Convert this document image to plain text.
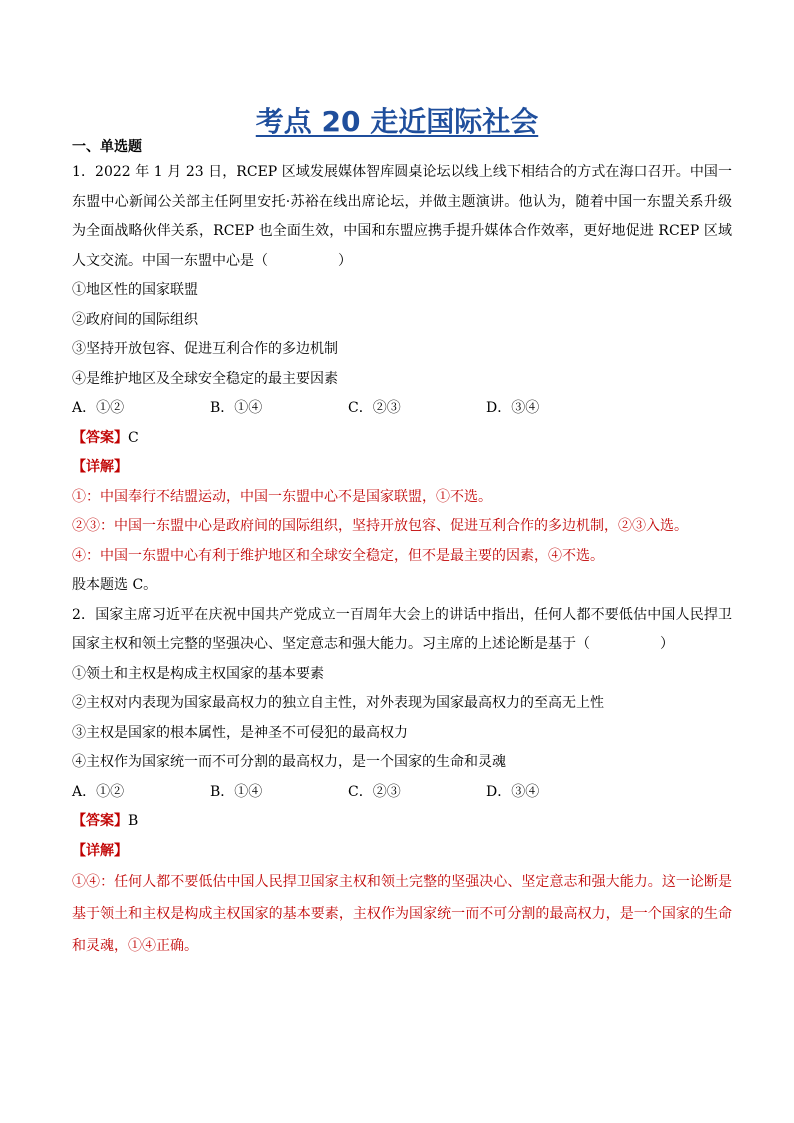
考点 20 走近国际社会
一、单选题

1．2022 年 1 月 23 日，RCEP 区域发展媒体智库圆桌论坛以线上线下相结合的方式在海口召开。中国一东盟中心新闻公关部主任阿里安托·苏裕在线出席论坛，并做主题演讲。他认为，随着中国一东盟关系升级为全面战略伙伴关系，RCEP 也全面生效，中国和东盟应携手提升媒体合作效率，更好地促进 RCEP 区域人文交流。中国一东盟中心是（　　　　　）

①地区性的国家联盟

②政府间的国际组织

③坚持开放包容、促进互利合作的多边机制

④是维护地区及全球安全稳定的最主要因素

A．①②	B．①④	C．②③	D．③④

【答案】C

【详解】

①：中国奉行不结盟运动，中国一东盟中心不是国家联盟，①不选。

②③：中国一东盟中心是政府间的国际组织，坚持开放包容、促进互利合作的多边机制，②③入选。

④：中国一东盟中心有利于维护地区和全球安全稳定，但不是最主要的因素，④不选。

股本题选 C。

2．国家主席习近平在庆祝中国共产党成立一百周年大会上的讲话中指出，任何人都不要低估中国人民捍卫国家主权和领土完整的坚强决心、坚定意志和强大能力。习主席的上述论断是基于（　　　　　）

①领土和主权是构成主权国家的基本要素

②主权对内表现为国家最高权力的独立自主性，对外表现为国家最高权力的至高无上性

③主权是国家的根本属性，是神圣不可侵犯的最高权力

④主权作为国家统一而不可分割的最高权力，是一个国家的生命和灵魂

A．①②	B．①④	C．②③	D．③④

【答案】B

【详解】

①④：任何人都不要低估中国人民捍卫国家主权和领土完整的坚强决心、坚定意志和强大能力。这一论断是基于领土和主权是构成主权国家的基本要素，主权作为国家统一而不可分割的最高权力，是一个国家的生命和灵魂，①④正确。
